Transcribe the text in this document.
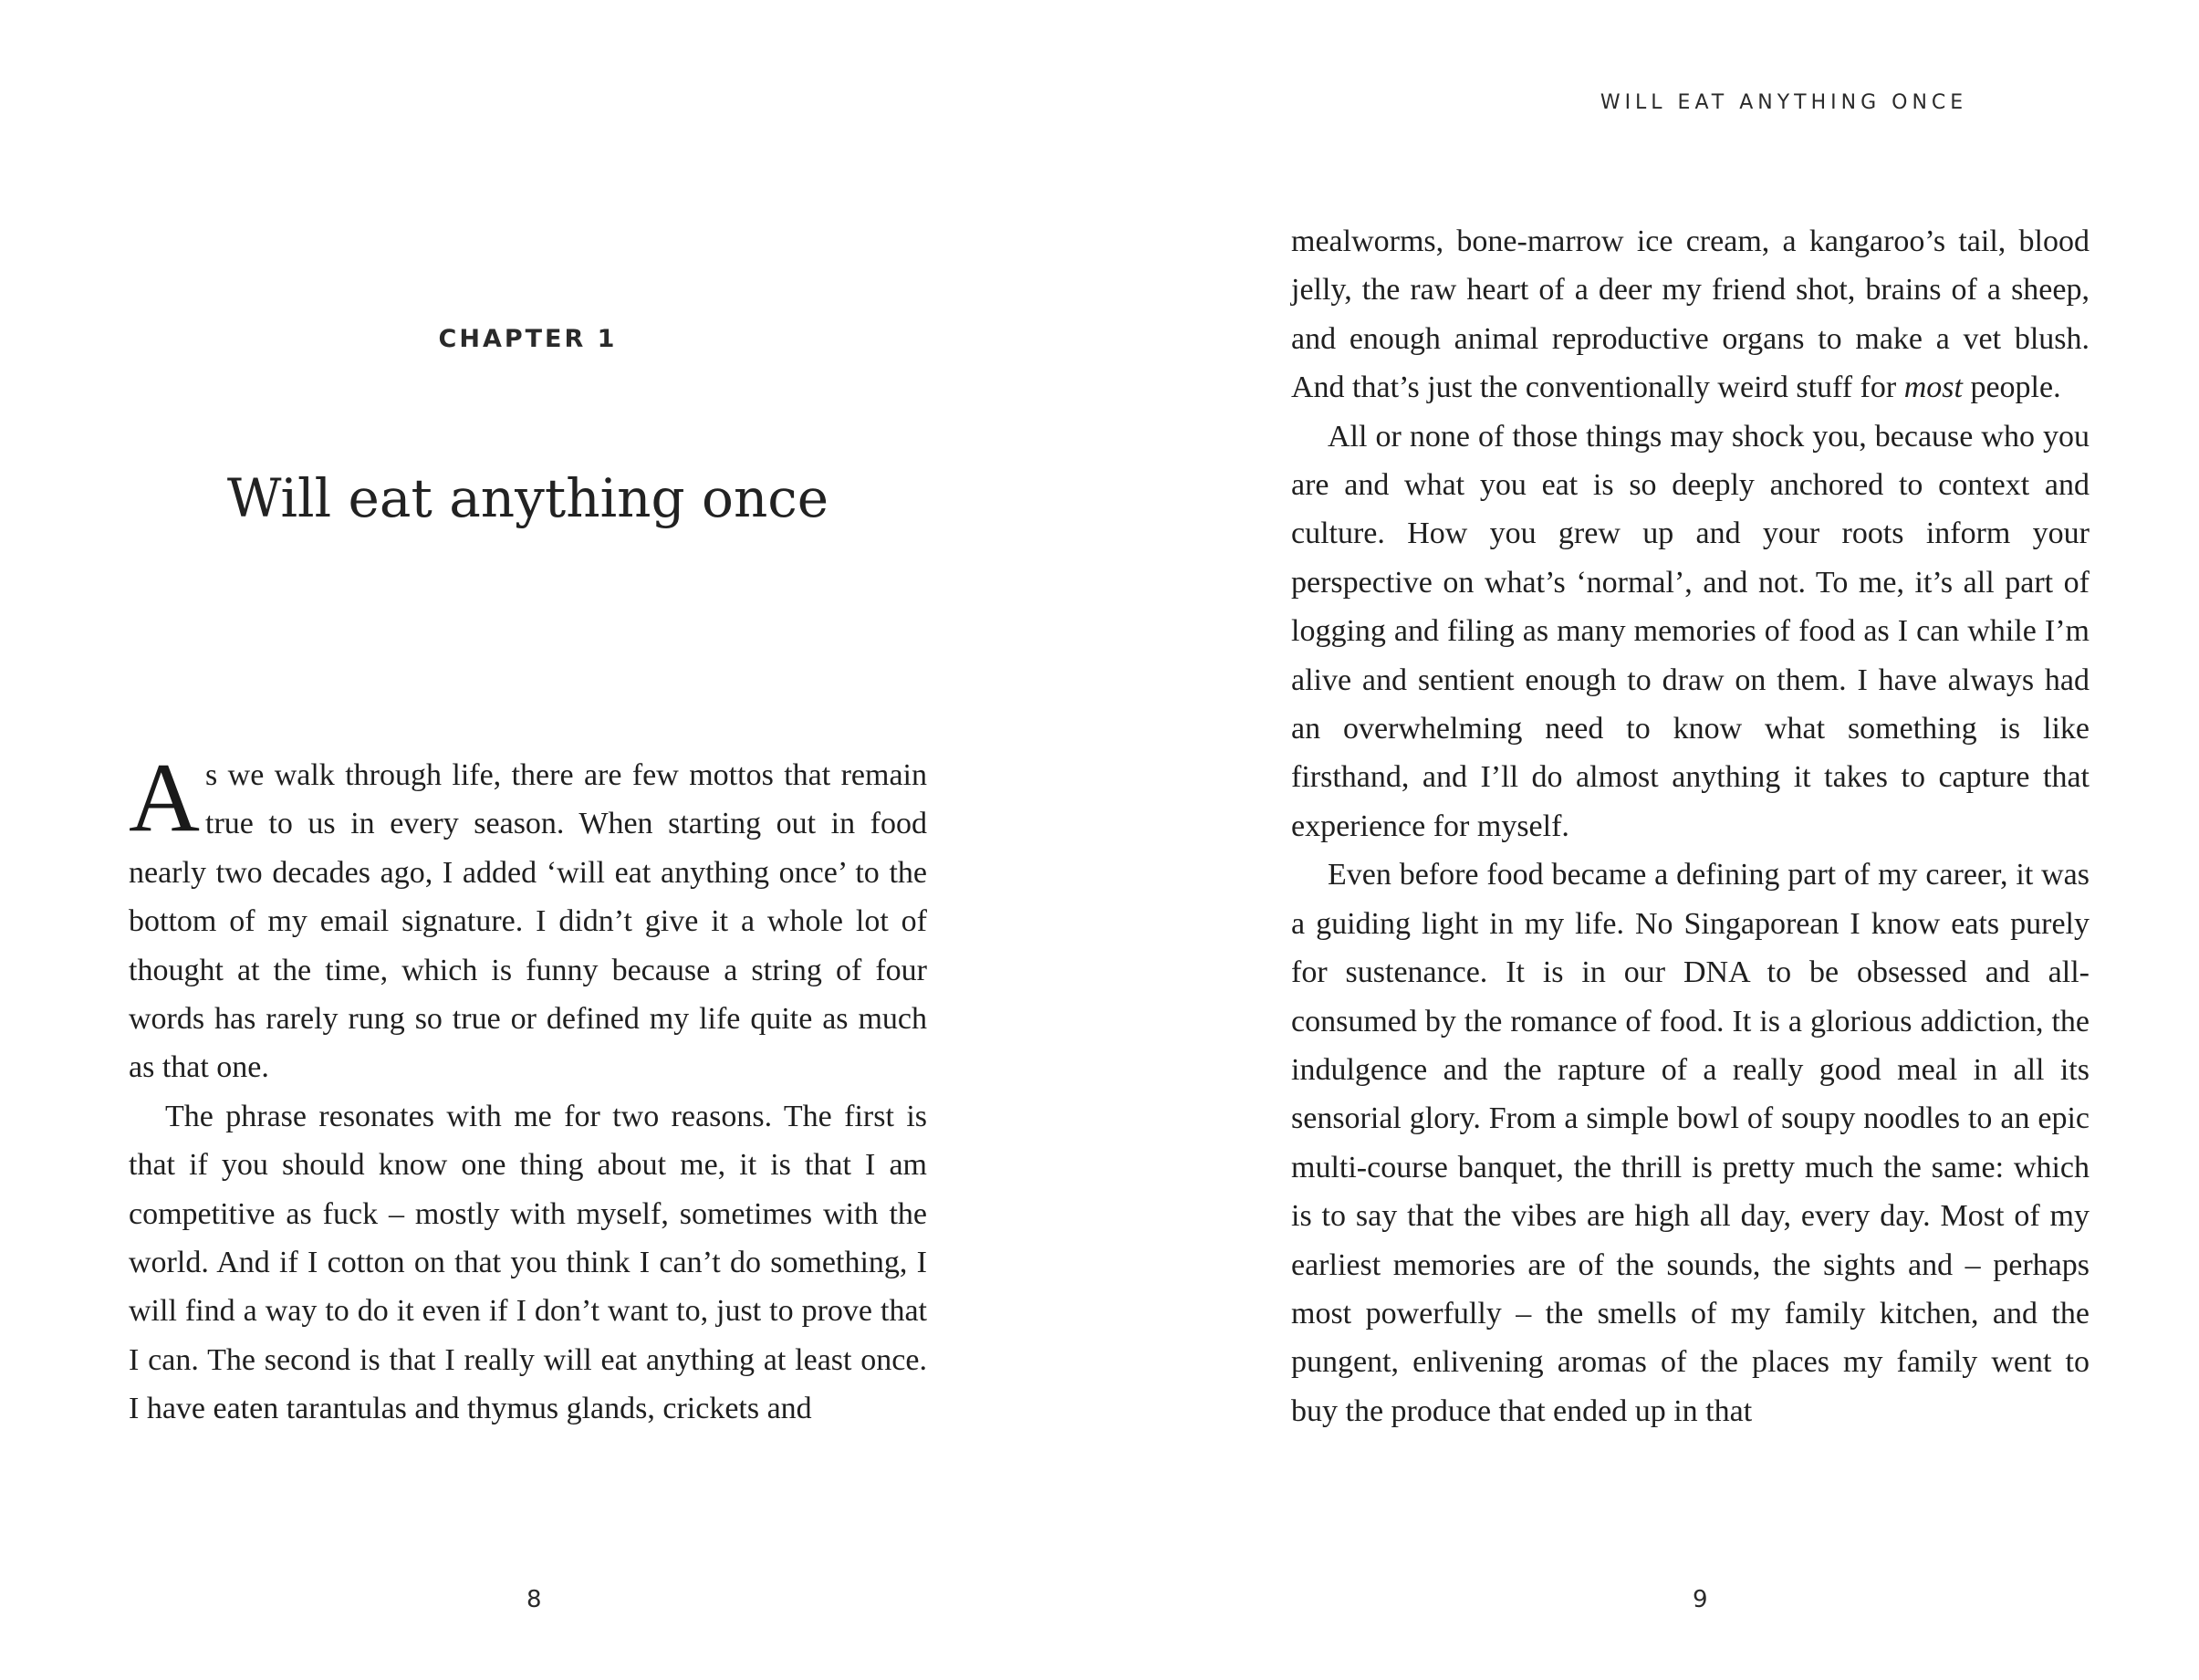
CHAPTER 1
Will eat anything once

As we walk through life, there are few mottos that remain true to us in every season. When starting out in food nearly two decades ago, I added ‘will eat anything once’ to the bottom of my email signature. I didn’t give it a whole lot of thought at the time, which is funny because a string of four words has rarely rung so true or defined my life quite as much as that one.

The phrase resonates with me for two reasons. The first is that if you should know one thing about me, it is that I am competitive as fuck – mostly with myself, sometimes with the world. And if I cotton on that you think I can’t do something, I will find a way to do it even if I don’t want to, just to prove that I can. The second is that I really will eat anything at least once. I have eaten tarantulas and thymus glands, crickets and

8
WILL EAT ANYTHING ONCE

mealworms, bone-marrow ice cream, a kangaroo’s tail, blood jelly, the raw heart of a deer my friend shot, brains of a sheep, and enough animal reproductive organs to make a vet blush. And that’s just the conventionally weird stuff for most people.

All or none of those things may shock you, because who you are and what you eat is so deeply anchored to context and culture. How you grew up and your roots inform your perspective on what’s ‘normal’, and not. To me, it’s all part of logging and filing as many memories of food as I can while I’m alive and sentient enough to draw on them. I have always had an overwhelming need to know what something is like firsthand, and I’ll do almost anything it takes to capture that experience for myself.

Even before food became a defining part of my career, it was a guiding light in my life. No Singaporean I know eats purely for sustenance. It is in our DNA to be obsessed and all-consumed by the romance of food. It is a glorious addiction, the indulgence and the rapture of a really good meal in all its sensorial glory. From a simple bowl of soupy noodles to an epic multi-course banquet, the thrill is pretty much the same: which is to say that the vibes are high all day, every day. Most of my earliest memories are of the sounds, the sights and – perhaps most powerfully – the smells of my family kitchen, and the pungent, enlivening aromas of the places my family went to buy the produce that ended up in that

9
